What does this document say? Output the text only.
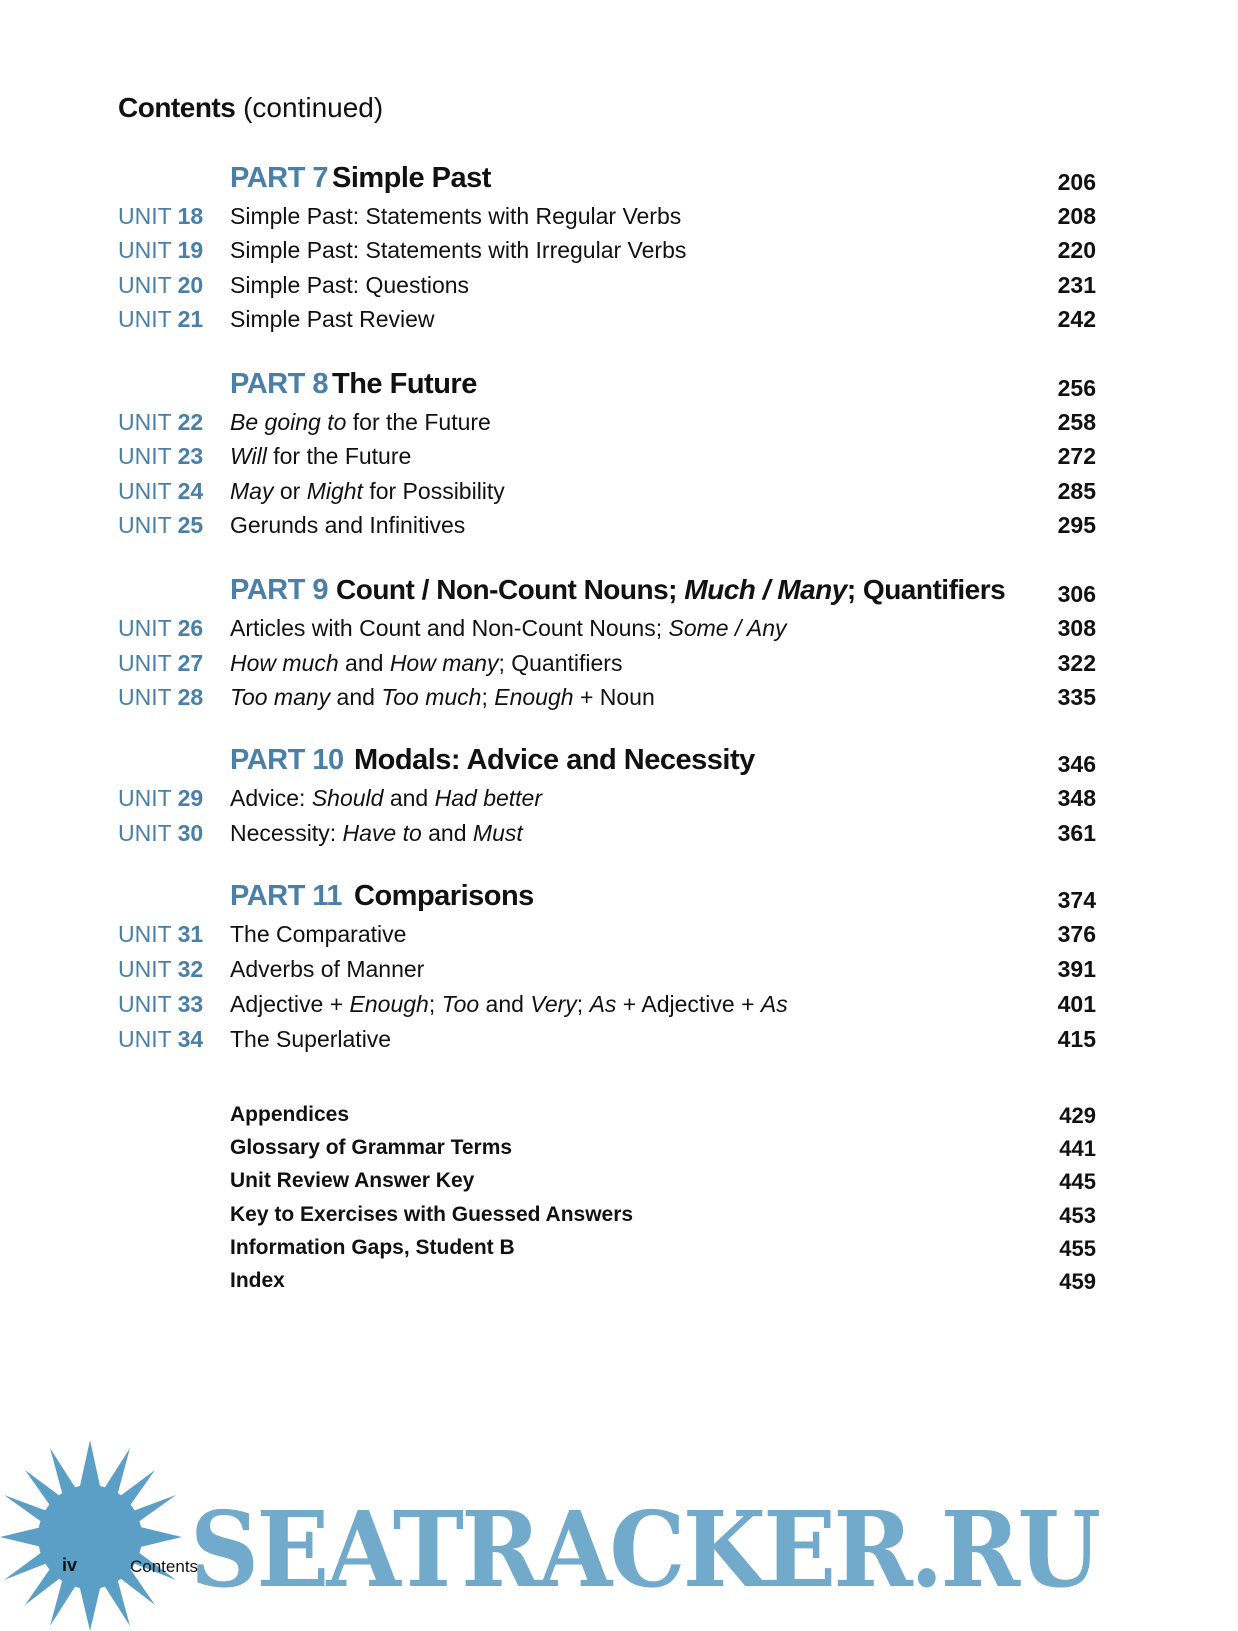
Contents (continued)
PART 7 Simple Past	206
UNIT 18 Simple Past: Statements with Regular Verbs	208
UNIT 19 Simple Past: Statements with Irregular Verbs	220
UNIT 20 Simple Past: Questions	231
UNIT 21 Simple Past Review	242
PART 8 The Future	256
UNIT 22 Be going to for the Future	258
UNIT 23 Will for the Future	272
UNIT 24 May or Might for Possibility	285
UNIT 25 Gerunds and Infinitives	295
PART 9 Count / Non-Count Nouns; Much / Many; Quantifiers	306
UNIT 26 Articles with Count and Non-Count Nouns; Some / Any	308
UNIT 27 How much and How many; Quantifiers	322
UNIT 28 Too many and Too much; Enough + Noun	335
PART 10 Modals: Advice and Necessity	346
UNIT 29 Advice: Should and Had better	348
UNIT 30 Necessity: Have to and Must	361
PART 11 Comparisons	374
UNIT 31 The Comparative	376
UNIT 32 Adverbs of Manner	391
UNIT 33 Adjective + Enough; Too and Very; As + Adjective + As	401
UNIT 34 The Superlative	415
Appendices	429
Glossary of Grammar Terms	441
Unit Review Answer Key	445
Key to Exercises with Guessed Answers	453
Information Gaps, Student B	455
Index	459
iv	Contents
SEATRACKER.RU
